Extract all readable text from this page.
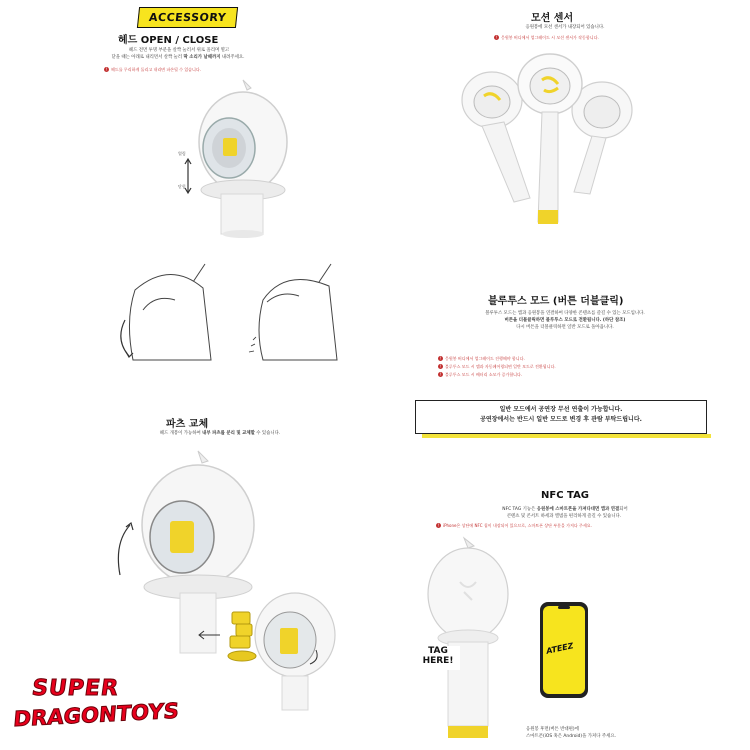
ACCESSORY
헤드 OPEN / CLOSE
헤드 전면 투명 부분을 살짝 눌러서 위로 올리며 열고
닫을 때는 아래로 내리면서 살짝 눌러 딱 소리가 날때까지 내려주세요.
! 헤드를 무리하게 돌리고 내리면 파손될 수 있습니다.
열림
닫힘
파츠 교체
헤드 개봉이 가능하여 내부 파츠를 분리 및 교체할 수 있습니다.
SUPER
DRAGONTOYS
모션 센서
응원봉에 모션 센서가 내장되어 있습니다.
! 응원봉 버디에서 업그레이드 시 모션 센서가 작동합니다.
블루투스 모드 (버튼 더블클릭)
블루투스 모드는 앱과 응원봉을 연결하여 다양한 콘텐츠를 즐길 수 있는 모드입니다.
버튼을 더블클릭하면 블루투스 모드로 전환됩니다. (하단 참조)
다시 버튼을 더블클릭하면 일반 모드로 돌아옵니다.
! 응원봉 버디에서 업그레이드 진행해야 합니다.
! 블루투스 모드 시 앱과 자동페어링되면 일반 모드로 전환됩니다.
! 블루투스 모드 시 배터리 소모가 증가합니다.
일반 모드에서 공연장 무선 연출이 가능합니다.
공연장에서는 반드시 일반 모드로 변경 후 관람 부탁드립니다.
NFC TAG
NFC TAG 기능은 응원봉에 스마트폰을 가져다대면 앱과 연결되어
콘텐츠 및 콘서트 하세과 엘범을 편리하게 즐길 수 있습니다.
! iPhone은 상단에 NFC 칩이 내장되어 있으므로, 스마트폰 상단 부분을 가져다 주세요.
TAG
HERE!
ATEEZ
응원봉 후면(버튼 반대편)에
스마트폰(iOS 혹은 Android)을 가져다 주세요.
